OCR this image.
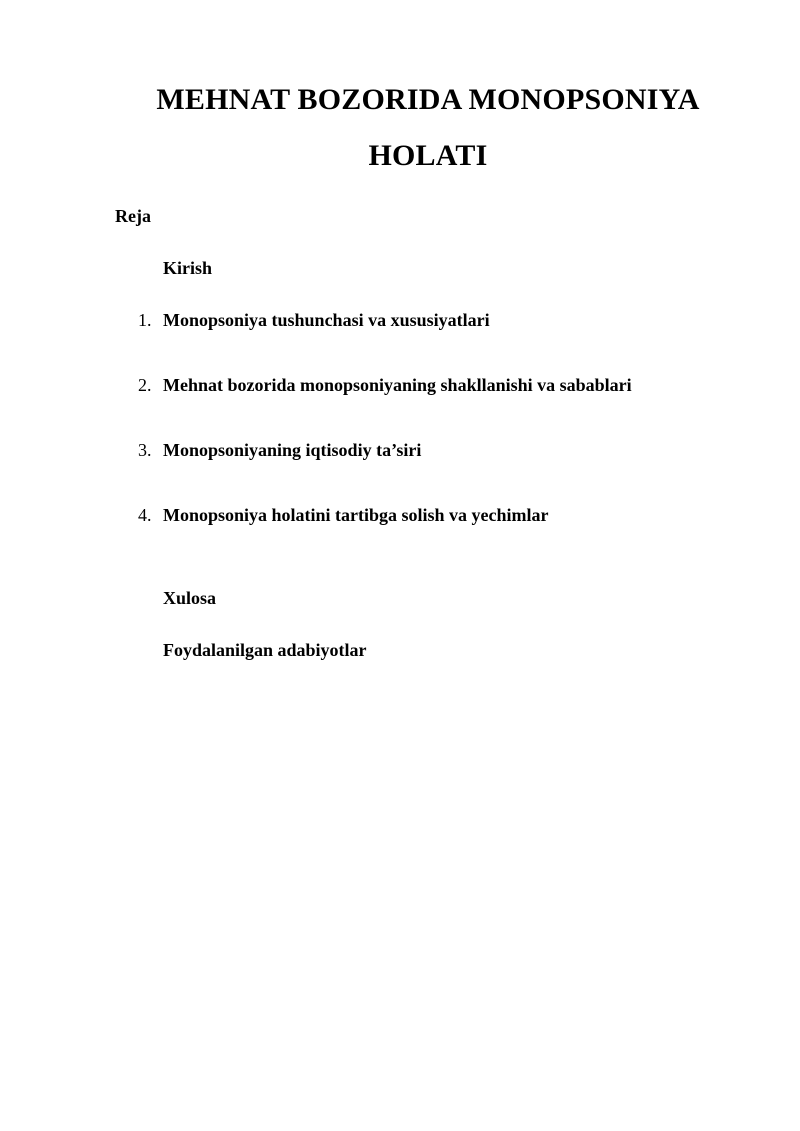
MEHNAT BOZORIDA MONOPSONIYA
HOLATI

Reja

Kirish

1. Monopsoniya tushunchasi va xususiyatlari

2. Mehnat bozorida monopsoniyaning shakllanishi va sabablari

3. Monopsoniyaning iqtisodiy ta’siri

4. Monopsoniya holatini tartibga solish va yechimlar

Xulosa

Foydalanilgan adabiyotlar
